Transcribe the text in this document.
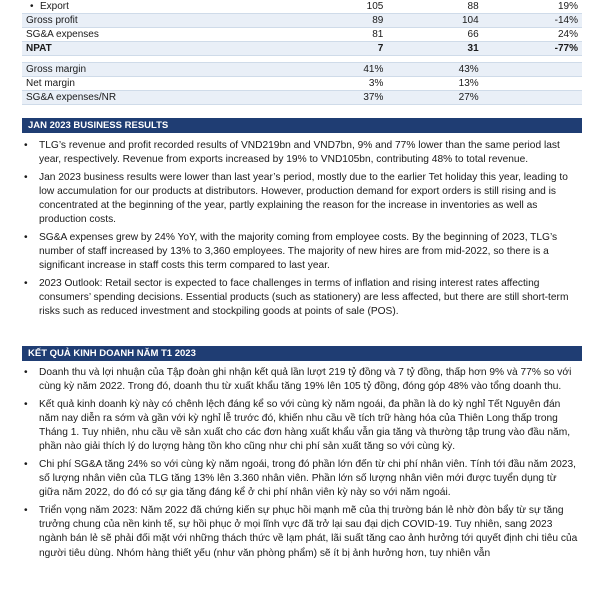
• Export	105	88	19%
Gross profit	89	104	-14%
SG&A expenses	81	66	24%
NPAT	7	31	-77%

Gross margin	41%	43%	
Net margin	3%	13%	
SG&A expenses/NR	37%	27%	
JAN 2023 BUSINESS RESULTS
• TLG’s revenue and profit recorded results of VND219bn and VND7bn, 9% and 77% lower than the same period last year, respectively. Revenue from exports increased by 19% to VND105bn, contributing 48% to total revenue.
• Jan 2023 business results were lower than last year’s period, mostly due to the earlier Tet holiday this year, leading to low accumulation for our products at distributors. However, production demand for export orders is still rising and is concentrated at the beginning of the year, partly explaining the reason for the increase in inventories as well as production costs.
• SG&A expenses grew by 24% YoY, with the majority coming from employee costs. By the beginning of 2023, TLG’s number of staff increased by 13% to 3,360 employees. The majority of new hires are from mid-2022, so there is a significant increase in staff costs this term compared to last year.
• 2023 Outlook: Retail sector is expected to face challenges in terms of inflation and rising interest rates affecting consumers’ spending decisions. Essential products (such as stationery) are less affected, but there are still short-term risks such as reduced investment and stockpiling goods at points of sale (POS).
KẾT QUẢ KINH DOANH NĂM T1 2023
• Doanh thu và lợi nhuận của Tập đoàn ghi nhận kết quả lần lượt 219 tỷ đồng và 7 tỷ đồng, thấp hơn 9% và 77% so với cùng kỳ năm 2022. Trong đó, doanh thu từ xuất khẩu tăng 19% lên 105 tỷ đồng, đóng góp 48% vào tổng doanh thu.
• Kết quả kinh doanh kỳ này có chênh lệch đáng kể so với cùng kỳ năm ngoái, đa phần là do kỳ nghỉ Tết Nguyên đán năm nay diễn ra sớm và gần với kỳ nghỉ lễ trước đó, khiến nhu cầu về tích trữ hàng hóa của Thiên Long thấp trong Tháng 1. Tuy nhiên, nhu cầu về sản xuất cho các đơn hàng xuất khẩu vẫn gia tăng và thường tập trung vào đầu năm, phần nào giải thích lý do lượng hàng tồn kho cũng như chi phí sản xuất tăng so với cùng kỳ.
• Chi phí SG&A tăng 24% so với cùng kỳ năm ngoái, trong đó phần lớn đến từ chi phí nhân viên. Tính tới đầu năm 2023, số lượng nhân viên của TLG tăng 13% lên 3.360 nhân viên. Phần lớn số lượng nhân viên mới được tuyển dụng từ giữa năm 2022, do đó có sự gia tăng đáng kể ở chi phí nhân viên kỳ này so với năm ngoái.
• Triển vọng năm 2023: Năm 2022 đã chứng kiến sự phục hồi mạnh mẽ của thị trường bán lẻ nhờ đòn bẩy từ sự tăng trưởng chung của nền kinh tế, sự hồi phục ở mọi lĩnh vực đã trở lại sau đại dịch COVID-19. Tuy nhiên, sang 2023 ngành bán lẻ sẽ phải đối mặt với những thách thức về lạm phát, lãi suất tăng cao ảnh hưởng tới quyết định chi tiêu của người tiêu dùng. Nhóm hàng thiết yếu (như văn phòng phẩm) sẽ ít bị ảnh hưởng hơn, tuy nhiên vẫn
